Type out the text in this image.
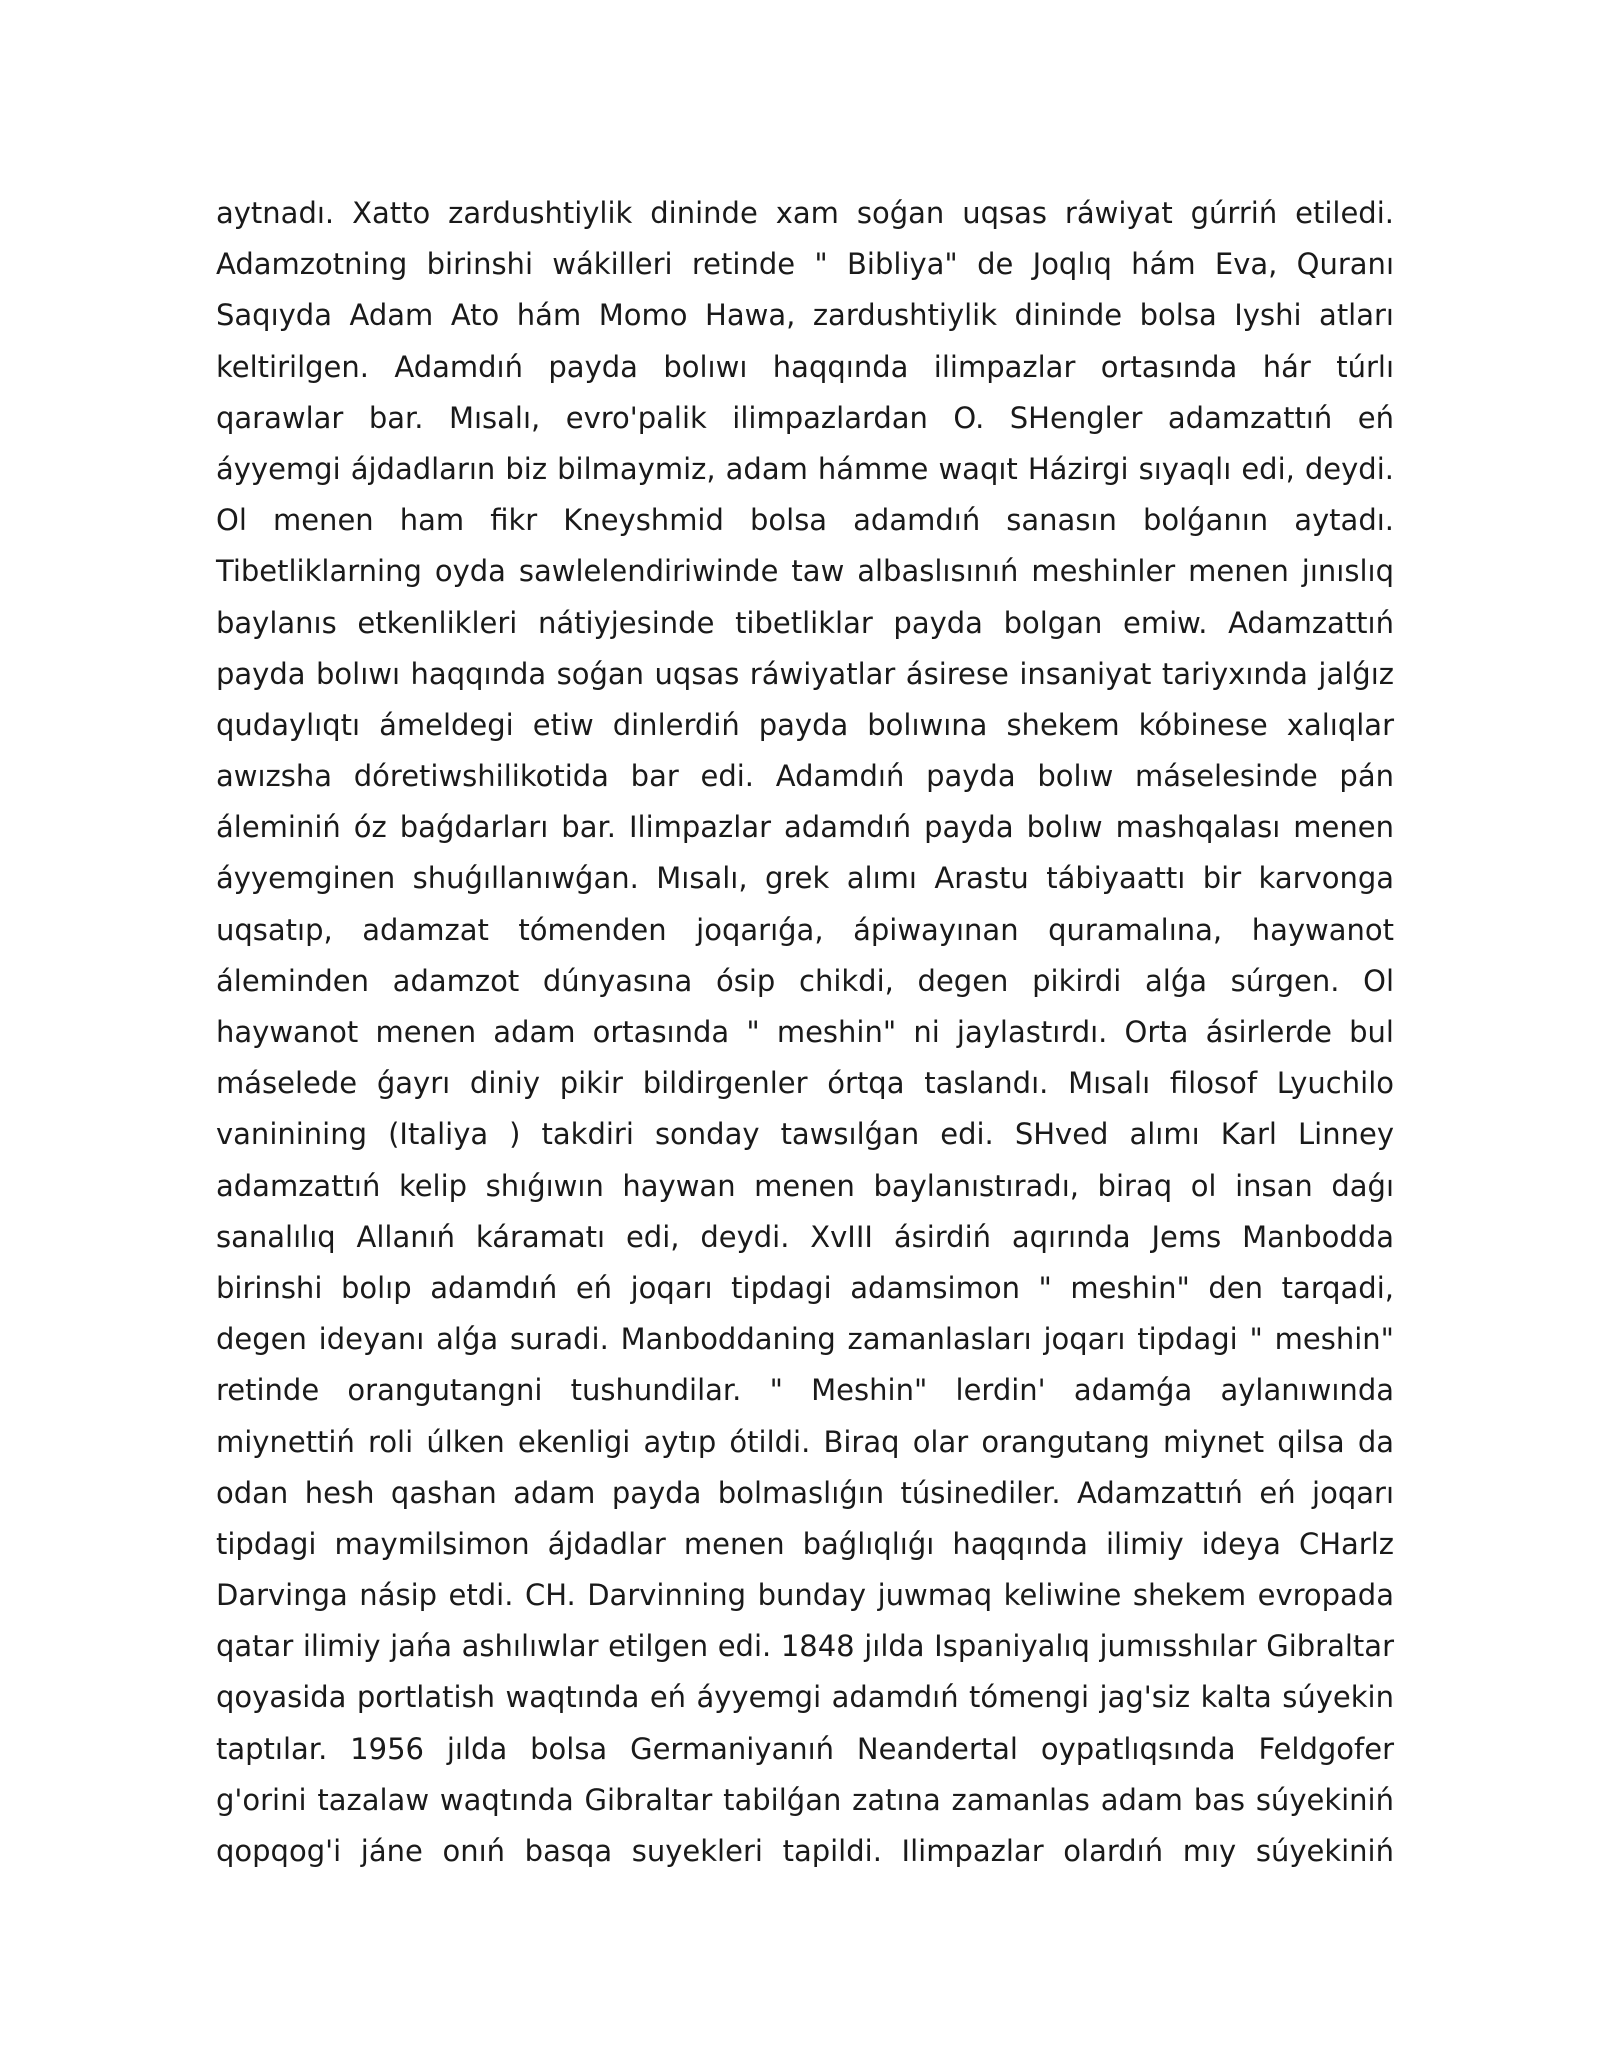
aytnadı. Xatto zardushtiylik dininde xam soǵan uqsas ráwiyat gúrriń etiledi.
Adamzotning birinshi wákilleri retinde " Bibliya" de Joqlıq hám Eva, Quranı
Saqıyda Adam Ato hám Momo Hawa, zardushtiylik dininde bolsa Iyshi atları
keltirilgen. Adamdıń payda bolıwı haqqında ilimpazlar ortasında hár túrlı
qarawlar bar. Mısalı, evro'palik ilimpazlardan O. SHengler adamzattıń eń
áyyemgi ájdadların biz bilmaymiz, adam hámme waqıt Házirgi sıyaqlı edi, deydi.
Ol menen ham fikr Kneyshmid bolsa adamdıń sanasın bolǵanın aytadı.
Tibetliklarning oyda sawlelendiriwinde taw albaslısınıń meshinler menen jınıslıq
baylanıs etkenlikleri nátiyjesinde tibetliklar payda bolgan emiw. Adamzattıń
payda bolıwı haqqında soǵan uqsas ráwiyatlar ásirese insaniyat tariyxında jalǵız
qudaylıqtı ámeldegi etiw dinlerdiń payda bolıwına shekem kóbinese xalıqlar
awızsha dóretiwshilikotida bar edi. Adamdıń payda bolıw máselesinde pán
áleminiń óz baǵdarları bar. Ilimpazlar adamdıń payda bolıw mashqalası menen
áyyemginen shuǵıllanıwǵan. Mısalı, grek alımı Arastu tábiyaattı bir karvonga
uqsatıp, adamzat tómenden joqarıǵa, ápiwayınan quramalına, haywanot
áleminden adamzot dúnyasına ósip chikdi, degen pikirdi alǵa súrgen. Ol
haywanot menen adam ortasında " meshin" ni jaylastırdı. Orta ásirlerde bul
máselede ǵayrı diniy pikir bildirgenler órtqa taslandı. Mısalı filosof Lyuchilo
vaninining (Italiya ) takdiri sonday tawsılǵan edi. SHved alımı Karl Linney
adamzattıń kelip shıǵıwın haywan menen baylanıstıradı, biraq ol insan daǵı
sanalılıq Allanıń káramatı edi, deydi. XvIII ásirdiń aqırında Jems Manbodda
birinshi bolıp adamdıń eń joqarı tipdagi adamsimon " meshin" den tarqadi,
degen ideyanı alǵa suradi. Manboddaning zamanlasları joqarı tipdagi " meshin"
retinde orangutangni tushundilar. " Meshin" lerdin' adamǵa aylanıwında
miynettiń roli úlken ekenligi aytıp ótildi. Biraq olar orangutang miynet qilsa da
odan hesh qashan adam payda bolmaslıǵın túsinediler. Adamzattıń eń joqarı
tipdagi maymilsimon ájdadlar menen baǵlıqlıǵı haqqında ilimiy ideya CHarlz
Darvinga násip etdi. CH. Darvinning bunday juwmaq keliwine shekem evropada
qatar ilimiy jańa ashılıwlar etilgen edi. 1848 jılda Ispaniyalıq jumısshılar Gibraltar
qoyasida portlatish waqtında eń áyyemgi adamdıń tómengi jag'siz kalta súyekin
taptılar. 1956 jılda bolsa Germaniyanıń Neandertal oypatlıqsında Feldgofer
g'orini tazalaw waqtında Gibraltar tabilǵan zatına zamanlas adam bas súyekiniń
qopqog'i jáne onıń basqa suyekleri tapildi. Ilimpazlar olardıń mıy súyekiniń
